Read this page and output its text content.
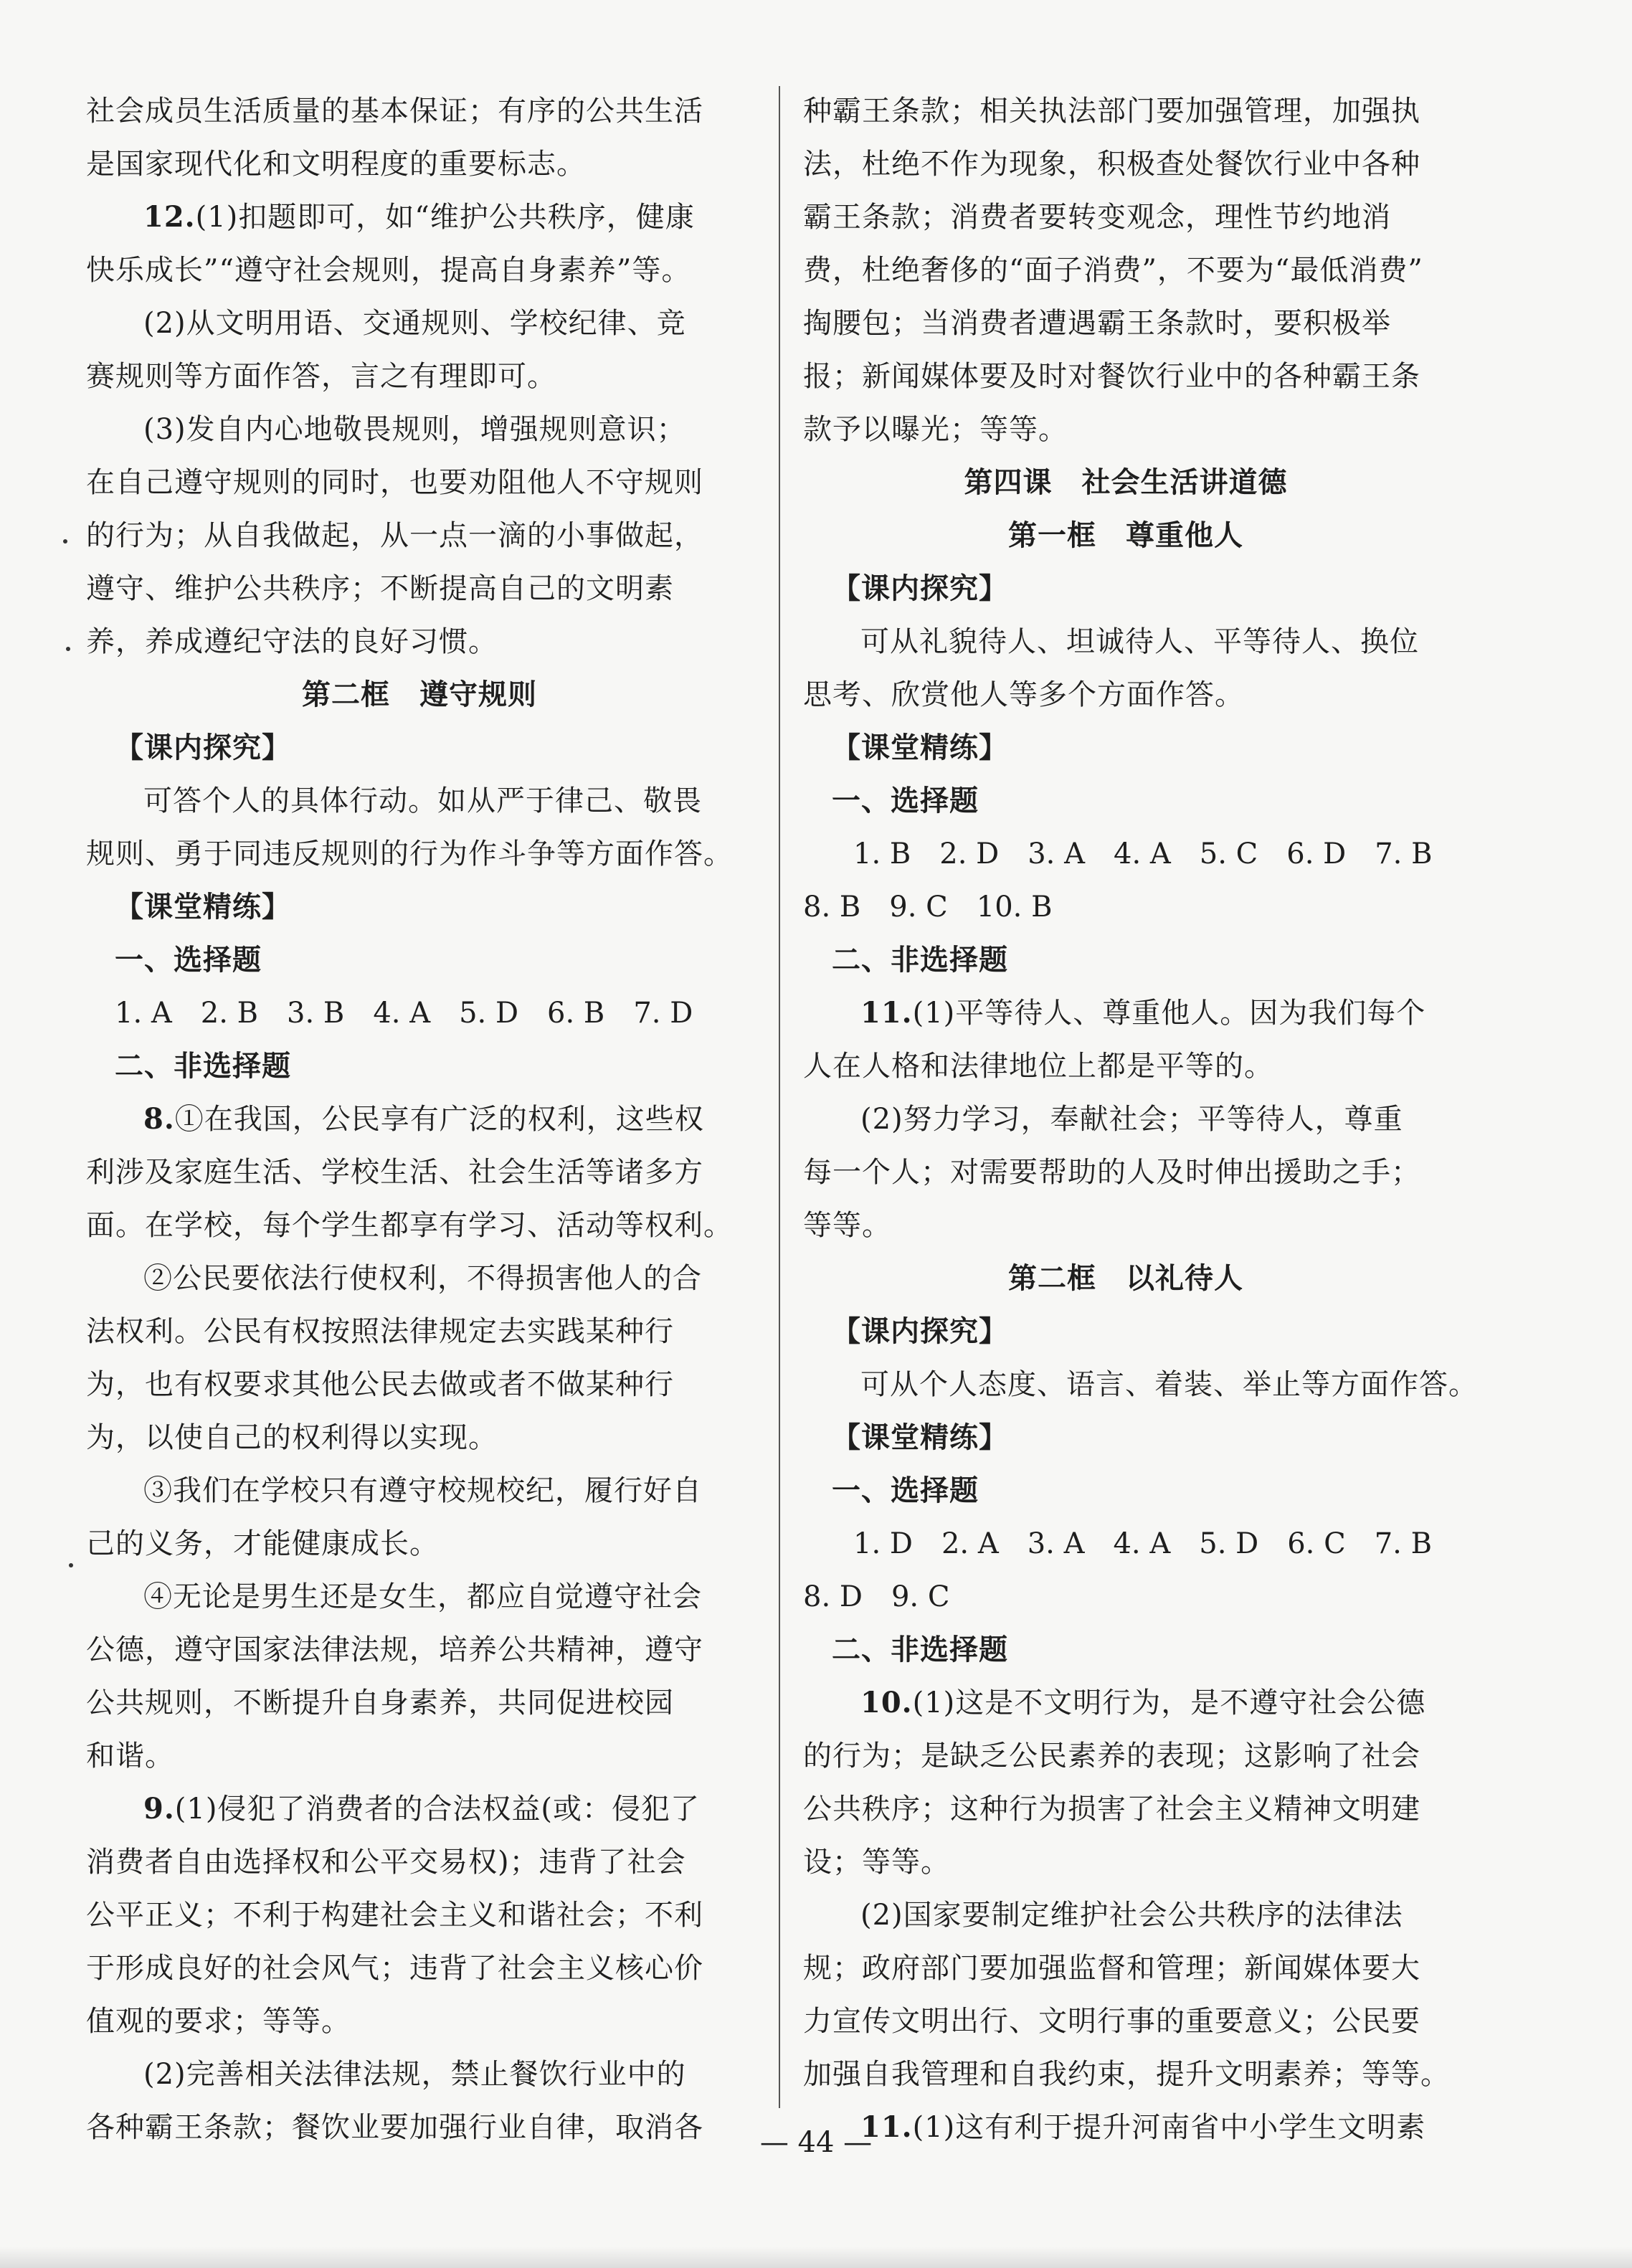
社会成员生活质量的基本保证；有序的公共生活
是国家现代化和文明程度的重要标志。
12.(1)扣题即可，如“维护公共秩序，健康
快乐成长”“遵守社会规则，提高自身素养”等。
(2)从文明用语、交通规则、学校纪律、竞
赛规则等方面作答，言之有理即可。
(3)发自内心地敬畏规则，增强规则意识；
在自己遵守规则的同时，也要劝阻他人不守规则
的行为；从自我做起，从一点一滴的小事做起，
遵守、维护公共秩序；不断提高自己的文明素
养，养成遵纪守法的良好习惯。
第二框　遵守规则
【课内探究】
可答个人的具体行动。如从严于律己、敬畏
规则、勇于同违反规则的行为作斗争等方面作答。
【课堂精练】
一、选择题
1. A 2. B 3. B 4. A 5. D 6. B 7. D
二、非选择题
8.①在我国，公民享有广泛的权利，这些权
利涉及家庭生活、学校生活、社会生活等诸多方
面。在学校，每个学生都享有学习、活动等权利。
②公民要依法行使权利，不得损害他人的合
法权利。公民有权按照法律规定去实践某种行
为，也有权要求其他公民去做或者不做某种行
为，以使自己的权利得以实现。
③我们在学校只有遵守校规校纪，履行好自
己的义务，才能健康成长。
④无论是男生还是女生，都应自觉遵守社会
公德，遵守国家法律法规，培养公共精神，遵守
公共规则，不断提升自身素养，共同促进校园
和谐。
9.(1)侵犯了消费者的合法权益(或：侵犯了
消费者自由选择权和公平交易权)；违背了社会
公平正义；不利于构建社会主义和谐社会；不利
于形成良好的社会风气；违背了社会主义核心价
值观的要求；等等。
(2)完善相关法律法规，禁止餐饮行业中的
各种霸王条款；餐饮业要加强行业自律，取消各
种霸王条款；相关执法部门要加强管理，加强执
法，杜绝不作为现象，积极查处餐饮行业中各种
霸王条款；消费者要转变观念，理性节约地消
费，杜绝奢侈的“面子消费”，不要为“最低消费”
掏腰包；当消费者遭遇霸王条款时，要积极举
报；新闻媒体要及时对餐饮行业中的各种霸王条
款予以曝光；等等。
第四课　社会生活讲道德
第一框　尊重他人
【课内探究】
可从礼貌待人、坦诚待人、平等待人、换位
思考、欣赏他人等多个方面作答。
【课堂精练】
一、选择题
1. B 2. D 3. A 4. A 5. C 6. D 7. B
8. B 9. C 10. B
二、非选择题
11.(1)平等待人、尊重他人。因为我们每个
人在人格和法律地位上都是平等的。
(2)努力学习，奉献社会；平等待人，尊重
每一个人；对需要帮助的人及时伸出援助之手；
等等。
第二框　以礼待人
【课内探究】
可从个人态度、语言、着装、举止等方面作答。
【课堂精练】
一、选择题
1. D 2. A 3. A 4. A 5. D 6. C 7. B
8. D 9. C
二、非选择题
10.(1)这是不文明行为，是不遵守社会公德
的行为；是缺乏公民素养的表现；这影响了社会
公共秩序；这种行为损害了社会主义精神文明建
设；等等。
(2)国家要制定维护社会公共秩序的法律法
规；政府部门要加强监督和管理；新闻媒体要大
力宣传文明出行、文明行事的重要意义；公民要
加强自我管理和自我约束，提升文明素养；等等。
11.(1)这有利于提升河南省中小学生文明素
— 44 —
